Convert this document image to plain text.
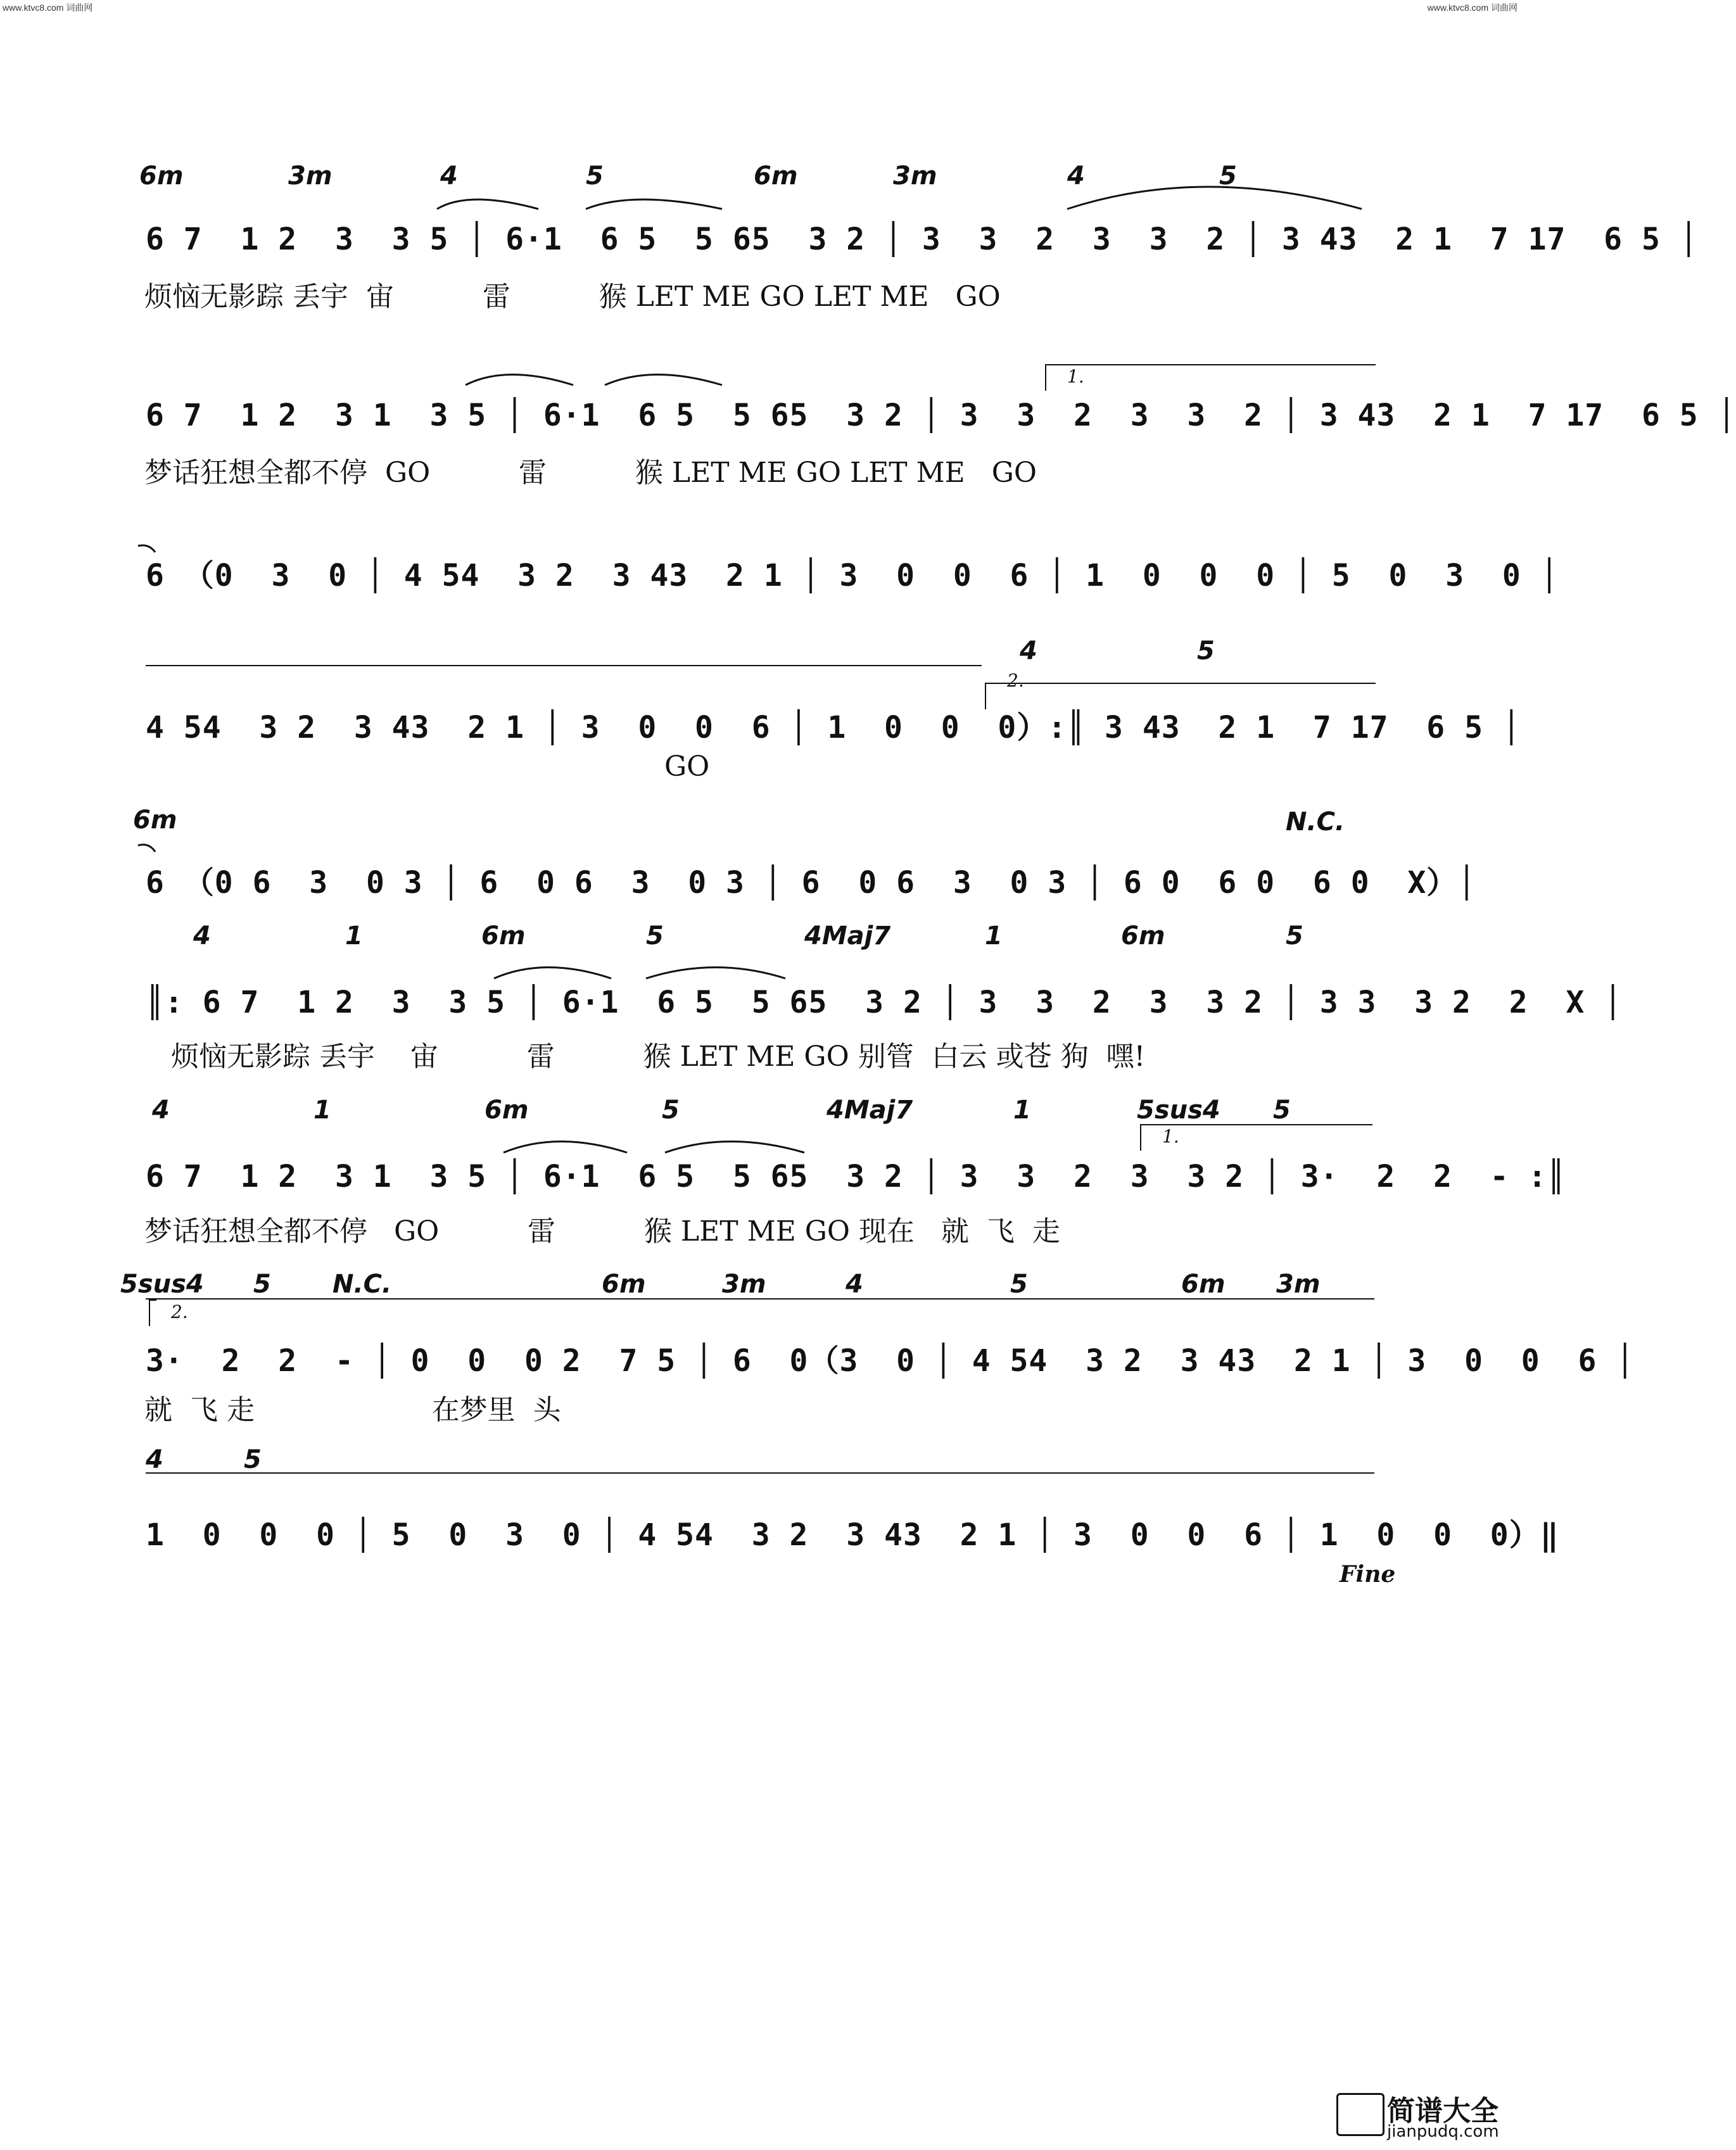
www.ktvc8.com 词曲网	www.ktvc8.com 词曲网
1.
2.
1.
2.
6m	3m	4	5	6m	3m	4	5
6 7  1 2  3  3 5 │ 6·1  6 5  5 65  3 2 │ 3  3  2  3  3  2 │ 3 43  2 1  7 17  6 5 │
烦恼无影踪 丢宇  宙          雷          猴 LET ME GO LET ME   GO
6 7  1 2  3 1  3 5 │ 6·1  6 5  5 65  3 2 │ 3  3  2  3  3  2 │ 3 43  2 1  7 17  6 5 │
梦话狂想全都不停  GO          雷          猴 LET ME GO LET ME   GO
6 （0  3  0 │ 4 54  3 2  3 43  2 1 │ 3  0  0  6 │ 1  0  0  0 │ 5  0  3  0 │
4	5
4 54  3 2  3 43  2 1 │ 3  0  0  6 │ 1  0  0  0）:║ 3 43  2 1  7 17  6 5 │
GO
6m	N.C.
6 （0 6  3  0 3 │ 6  0 6  3  0 3 │ 6  0 6  3  0 3 │ 6 0  6 0  6 0  X）│
4	1	6m	5	4Maj7	1	6m	5
║: 6 7  1 2  3  3 5 │ 6·1  6 5  5 65  3 2 │ 3  3  2  3  3 2 │ 3 3  3 2  2  X │
烦恼无影踪 丢宇    宙          雷          猴 LET ME GO 别管  白云 或苍 狗  嘿!
4	1	6m	5	4Maj7	1	5sus4 5
6 7  1 2  3 1  3 5 │ 6·1  6 5  5 65  3 2 │ 3  3  2  3  3 2 │ 3·  2  2  - :║
梦话狂想全都不停   GO          雷          猴 LET ME GO 现在   就  飞  走
5sus4 5 N.C.	6m	3m	4	5	6m 3m
3·  2  2  - │ 0  0  0 2  7 5 │ 6  0（3  0 │ 4 54  3 2  3 43  2 1 │ 3  0  0  6 │
就  飞 走                    在梦里  头
4	5
1  0  0  0 │ 5  0  3  0 │ 4 54  3 2  3 43  2 1 │ 3  0  0  6 │ 1  0  0  0）‖
Fine
简谱大全
jianpudq.com
